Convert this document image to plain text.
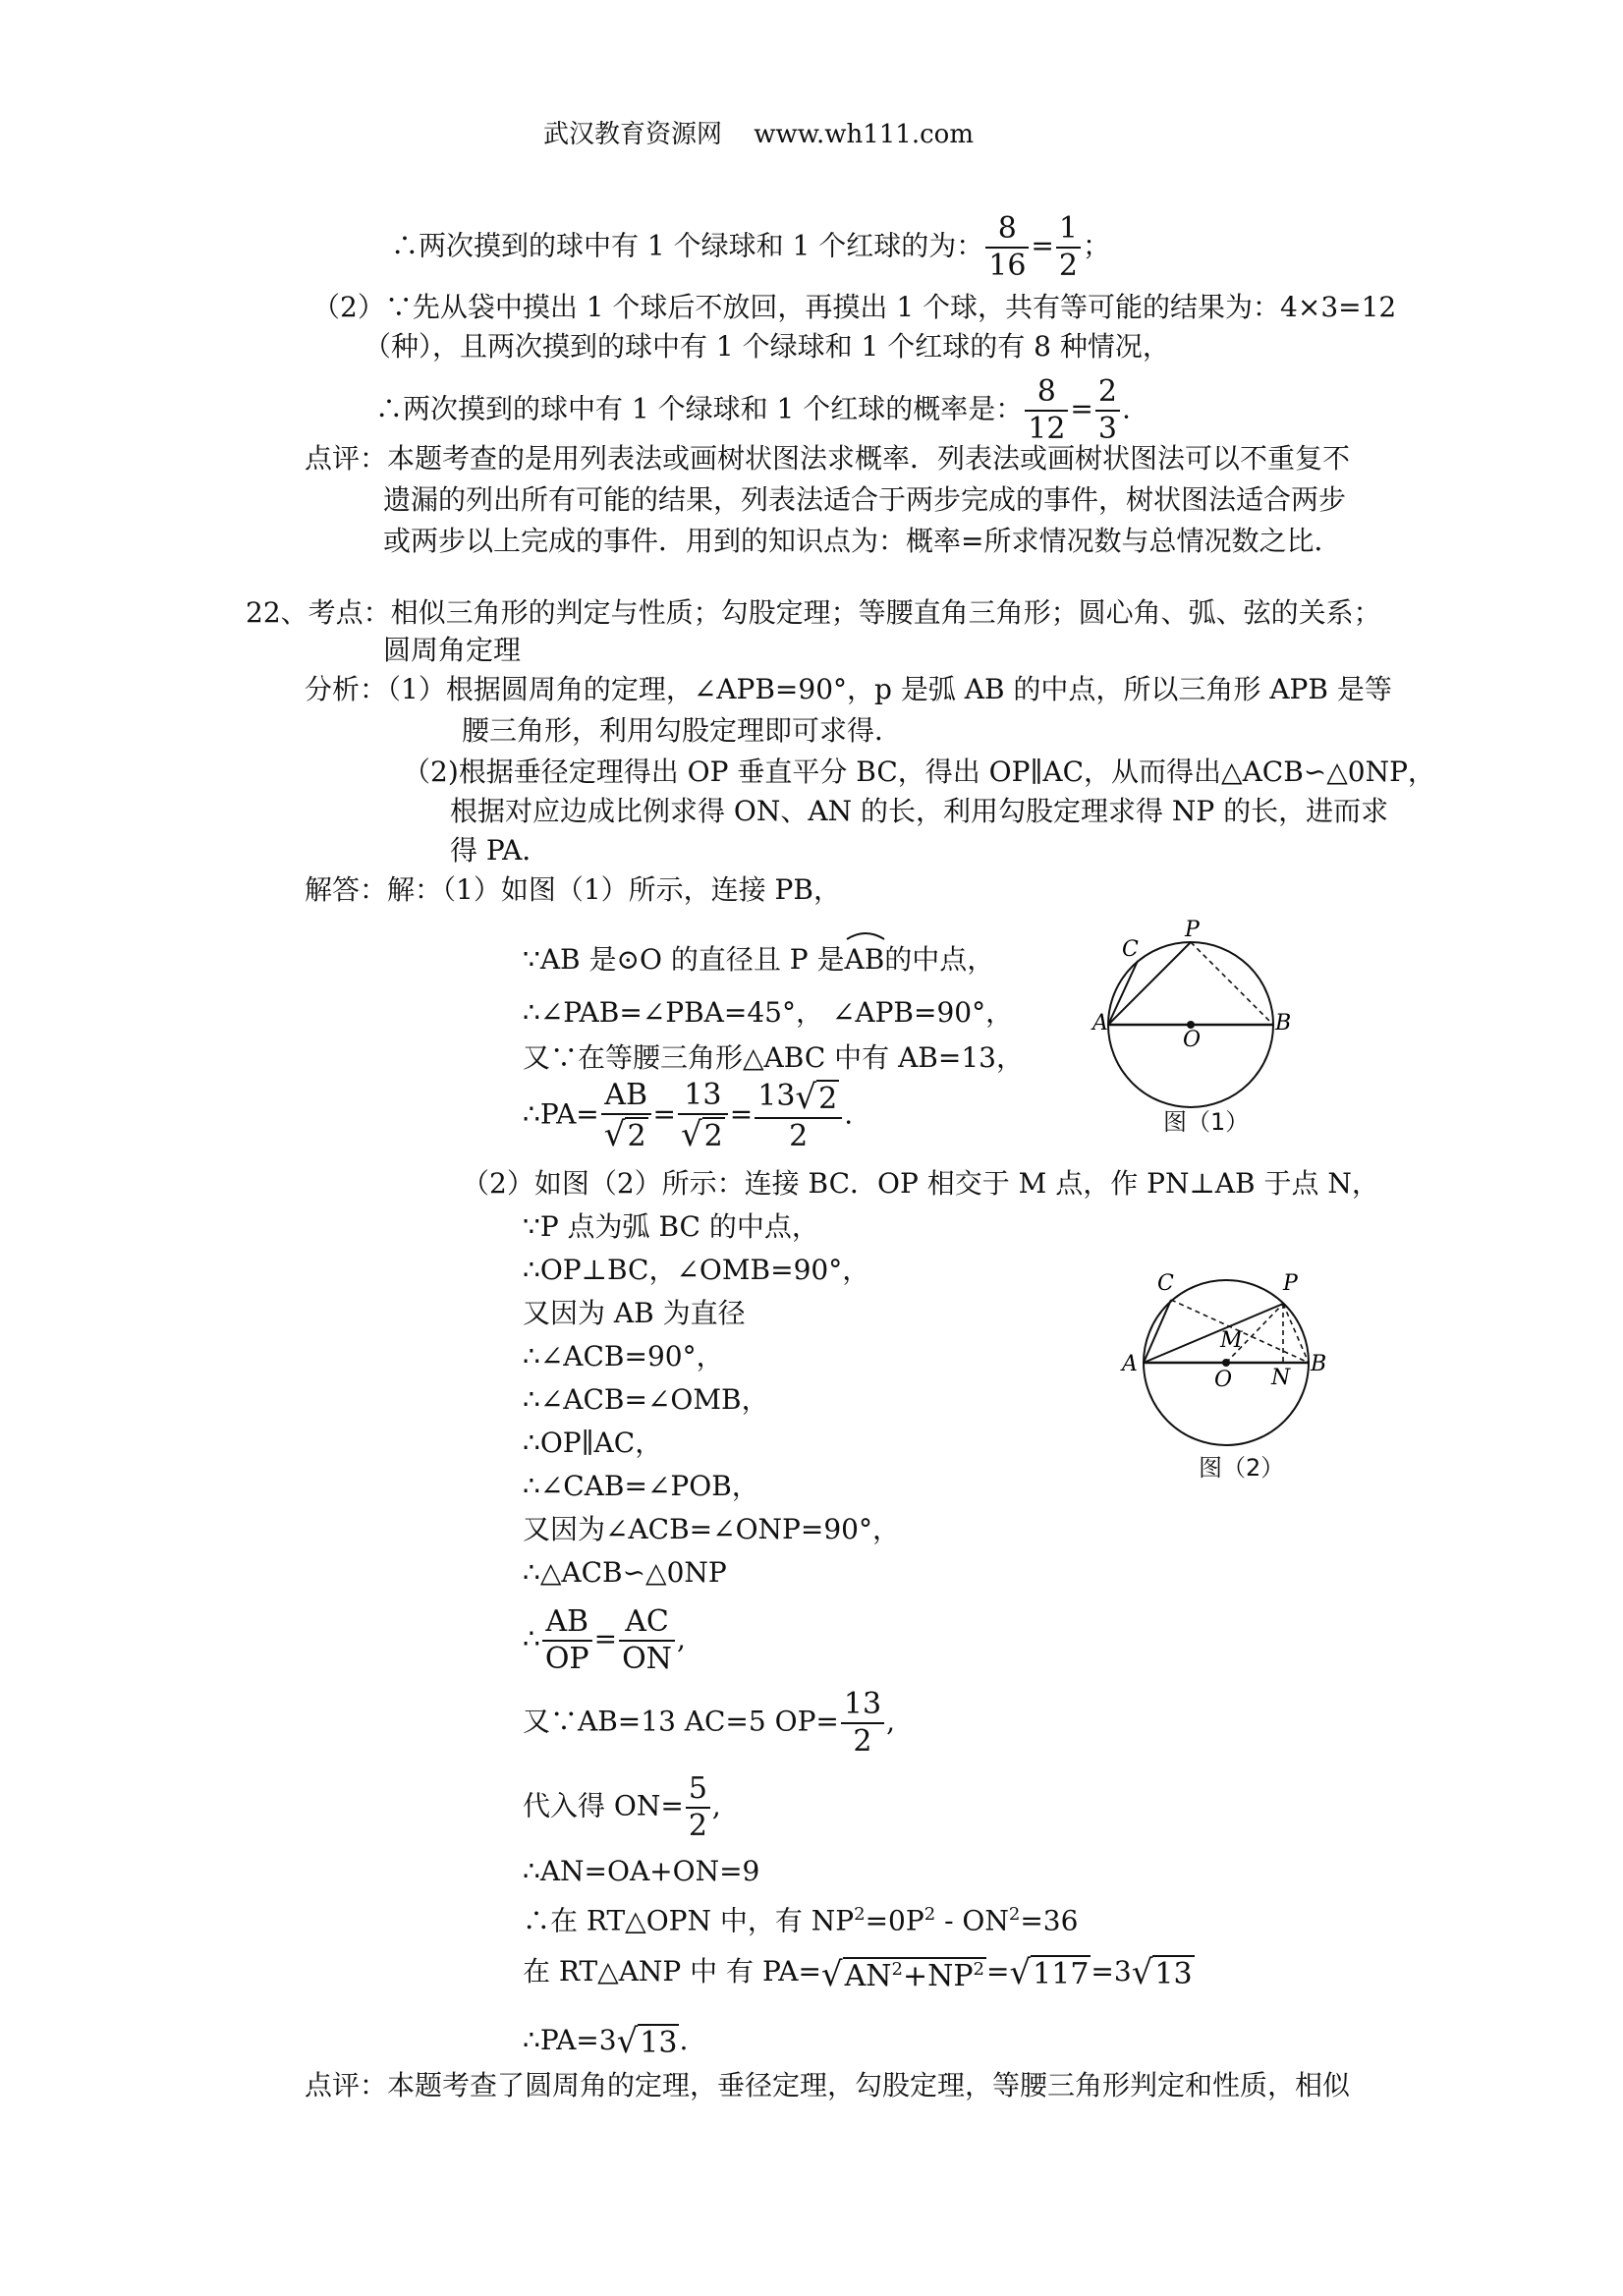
武汉教育资源网 www.wh111.com
∴两次摸到的球中有 1 个绿球和 1 个红球的为： $\frac{8}{16} = \frac{1}{2}$ ；
（2）∵先从袋中摸出 1 个球后不放回，再摸出 1 个球，共有等可能的结果为：4×3=12
（种），且两次摸到的球中有 1 个绿球和 1 个红球的有 8 种情况，
∴两次摸到的球中有 1 个绿球和 1 个红球的概率是： $\frac{8}{12} = \frac{2}{3}$ .
点评：本题考查的是用列表法或画树状图法求概率．列表法或画树状图法可以不重复不
遗漏的列出所有可能的结果，列表法适合于两步完成的事件，树状图法适合两步
或两步以上完成的事件．用到的知识点为：概率=所求情况数与总情况数之比．
22、考点：相似三角形的判定与性质；勾股定理；等腰直角三角形；圆心角、弧、弦的关系；
圆周角定理
分析：（1）根据圆周角的定理，∠APB=90°，p 是弧 AB 的中点，所以三角形 APB 是等
腰三角形，利用勾股定理即可求得．
（2)根据垂径定理得出 OP 垂直平分 BC，得出 OP∥AC，从而得出△ACB∽△0NP，
根据对应边成比例求得 ON、AN 的长，利用勾股定理求得 NP 的长，进而求
得 PA．
解答：解：（1）如图（1）所示，连接 PB，
∵AB 是⊙O 的直径且 P 是
AB的中点，
∴∠PAB=∠PBA=45°， ∠APB=90°，
又∵在等腰三角形△ABC 中有 AB=13，
∴PA= $\frac{AB}{√2} = \frac{13}{√2} = \frac{13√2}{2}$ .
A	B
C
P
O
图（1）
（2）如图（2）所示：连接 BC．OP 相交于 M 点，作 PN⊥AB 于点 N，
∵P 点为弧 BC 的中点，
∴OP⊥BC，∠OMB=90°，
又因为 AB 为直径
∴∠ACB=90°，
∴∠ACB=∠OMB，
∴OP∥AC，
∴∠CAB=∠POB，
又因为∠ACB=∠ONP=90°，
∴△ACB∽△0NP
A	B
C	P
O
M
N
图（2）
∴ $\frac{AB}{OP} = \frac{AC}{ON}$ ,
又∵AB=13 AC=5 $OP= \frac{13}{2}$ ,
代入得 $ON= \frac{5}{2}$ ,
∴AN=OA+ON=9
∴在 RT△OPN 中，有 $NP^2=0P^2 - ON^2=36$
在 RT△ANP 中 有 $PA=√AN^2+NP^2=√117=3√13$
∴PA=3√13.
点评：本题考查了圆周角的定理，垂径定理，勾股定理，等腰三角形判定和性质，相似
